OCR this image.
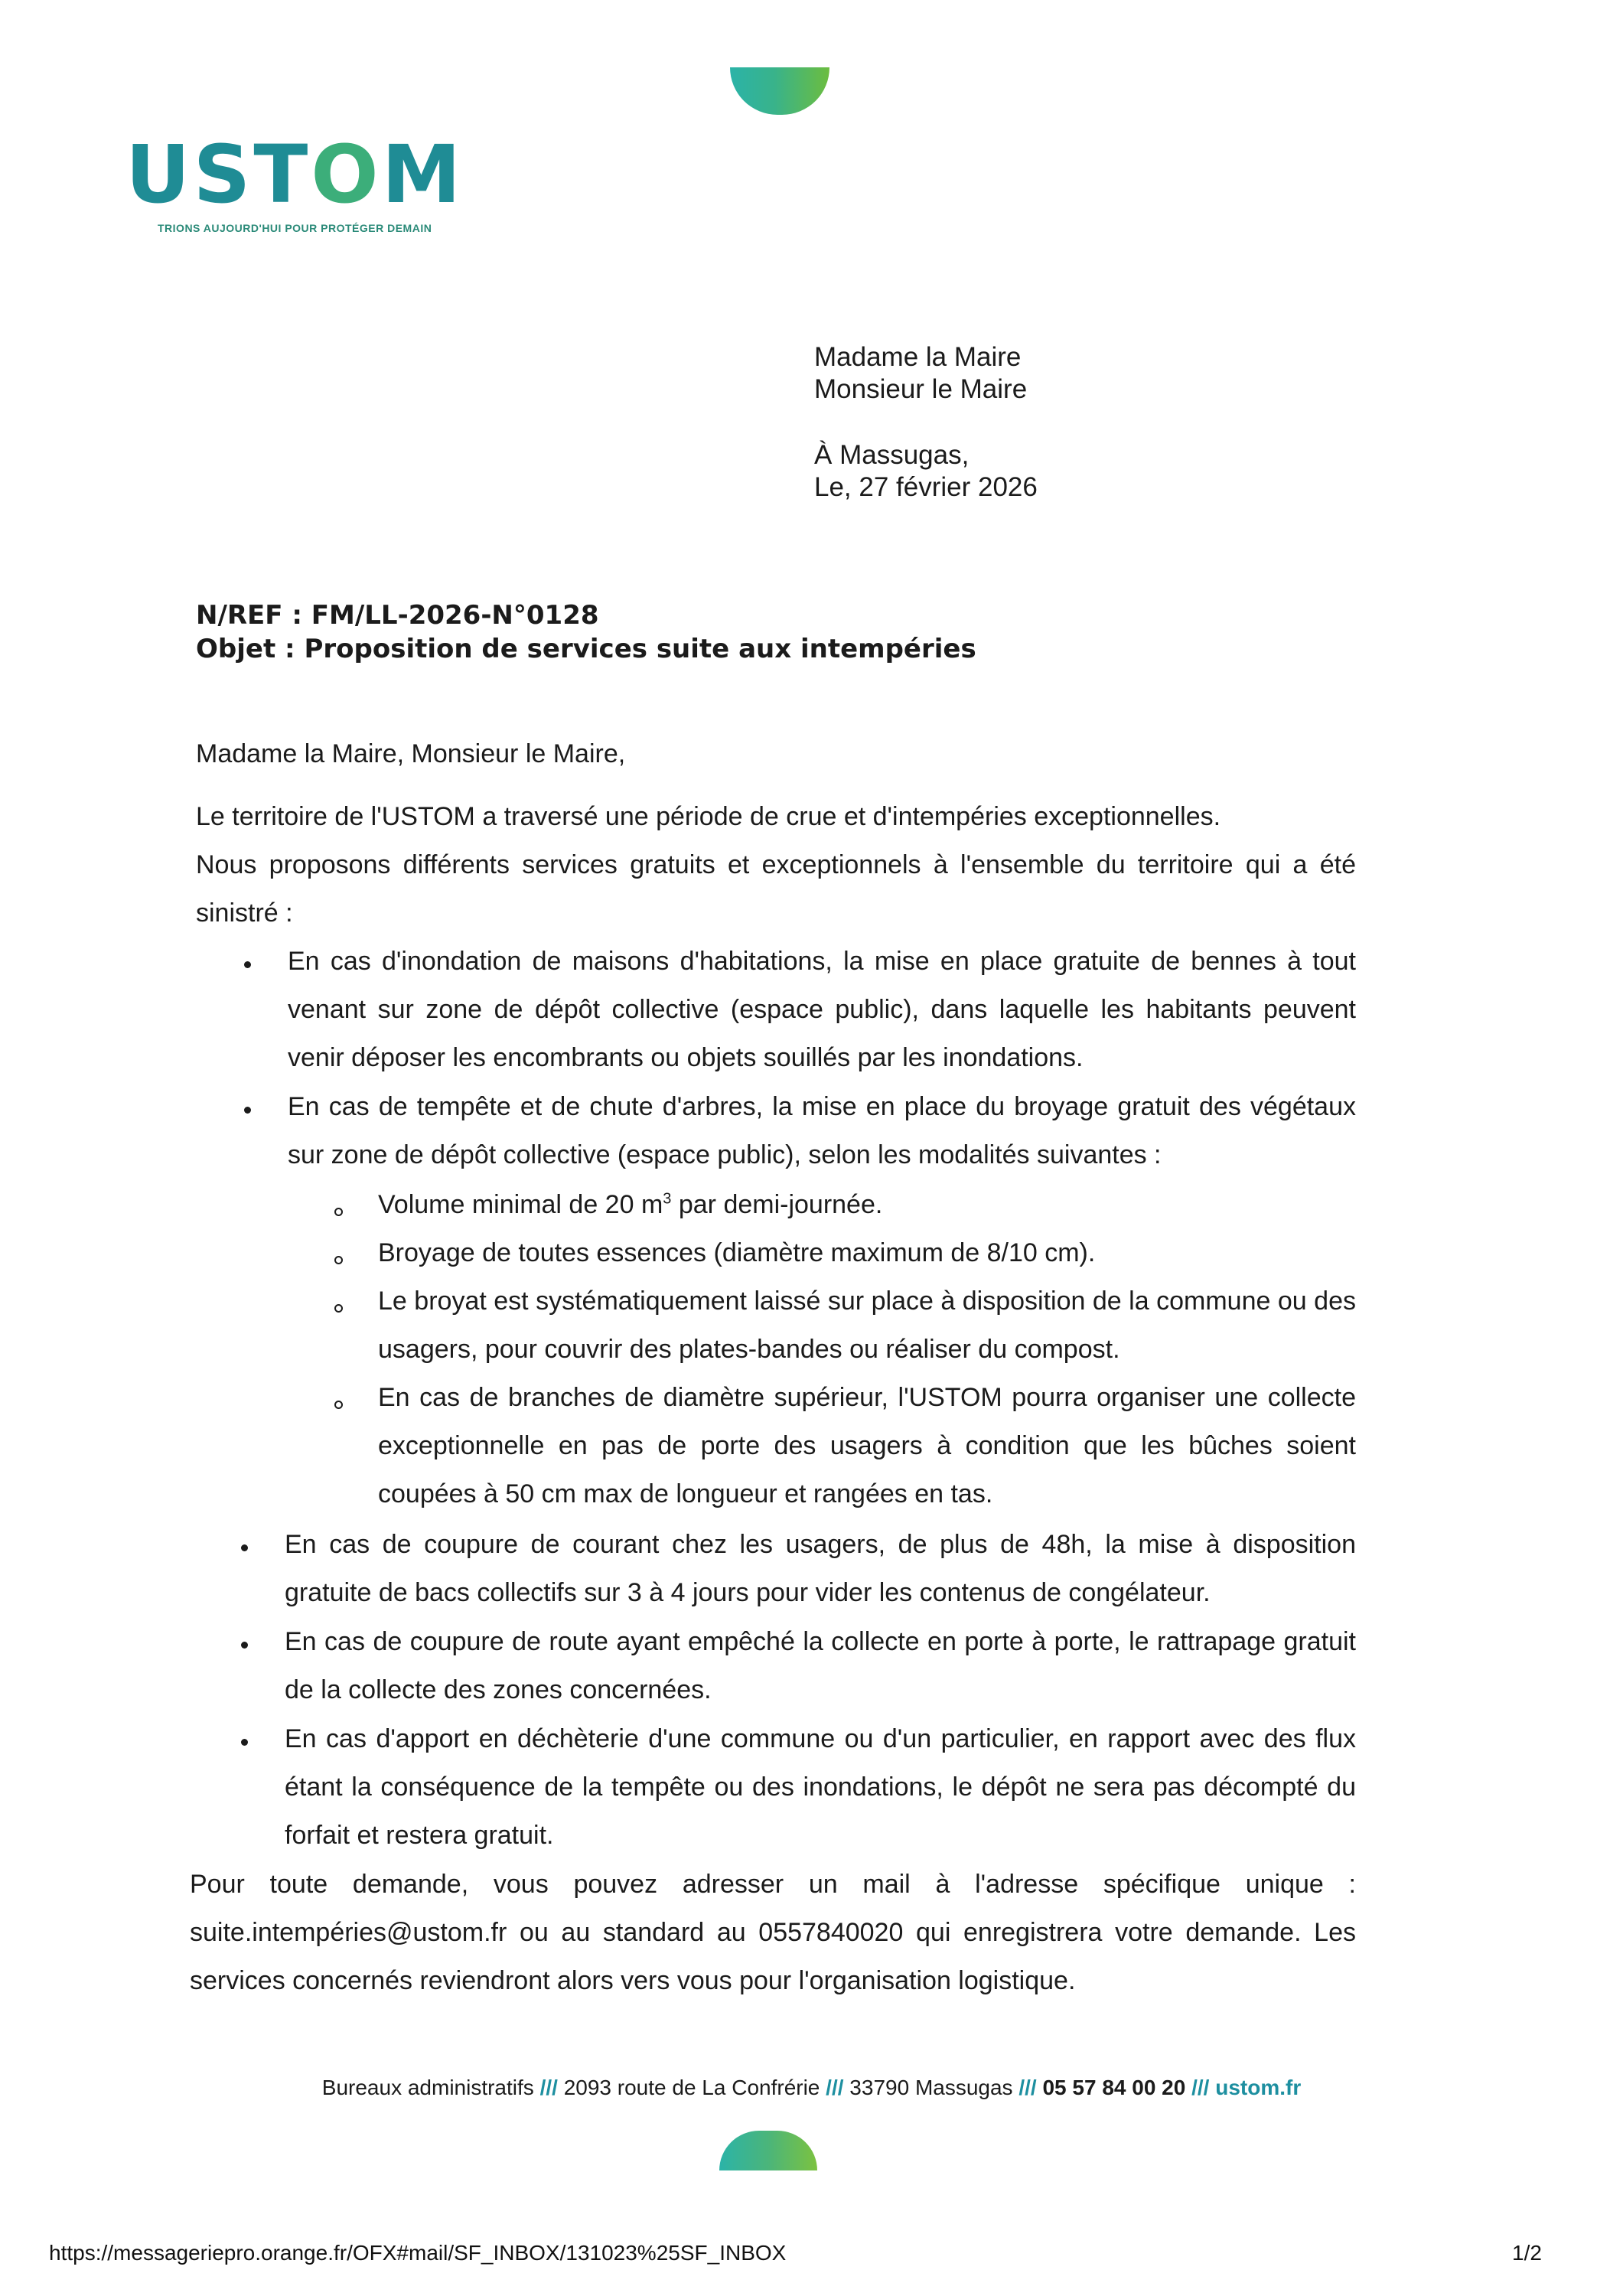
USTOM
TRIONS AUJOURD'HUI POUR PROTÉGER DEMAIN
Madame la Maire
Monsieur le Maire
À Massugas,
Le, 27 février 2026
N/REF : FM/LL-2026-N°0128
Objet : Proposition de services suite aux intempéries
Madame la Maire, Monsieur le Maire,
Le territoire de l'USTOM a traversé une période de crue et d'intempéries exceptionnelles.
Nous proposons différents services gratuits et exceptionnels à l'ensemble du territoire qui a été sinistré :
En cas d'inondation de maisons d'habitations, la mise en place gratuite de bennes à tout venant sur zone de dépôt collective (espace public), dans laquelle les habitants peuvent venir déposer les encombrants ou objets souillés par les inondations.
En cas de tempête et de chute d'arbres, la mise en place du broyage gratuit des végétaux sur zone de dépôt collective (espace public), selon les modalités suivantes :
Volume minimal de 20 $m^3$ par demi-journée.
Broyage de toutes essences (diamètre maximum de 8/10 cm).
Le broyat est systématiquement laissé sur place à disposition de la commune ou des usagers, pour couvrir des plates-bandes ou réaliser du compost.
En cas de branches de diamètre supérieur, l'USTOM pourra organiser une collecte exceptionnelle en pas de porte des usagers à condition que les bûches soient coupées à 50 cm max de longueur et rangées en tas.
En cas de coupure de courant chez les usagers, de plus de 48h, la mise à disposition gratuite de bacs collectifs sur 3 à 4 jours pour vider les contenus de congélateur.
En cas de coupure de route ayant empêché la collecte en porte à porte, le rattrapage gratuit de la collecte des zones concernées.
En cas d'apport en déchèterie d'une commune ou d'un particulier, en rapport avec des flux étant la conséquence de la tempête ou des inondations, le dépôt ne sera pas décompté du forfait et restera gratuit.
Pour toute demande, vous pouvez adresser un mail à l'adresse spécifique unique : suite.intempéries@ustom.fr ou au standard au 0557840020 qui enregistrera votre demande. Les services concernés reviendront alors vers vous pour l'organisation logistique.
Bureaux administratifs /// 2093 route de La Confrérie /// 33790 Massugas /// 05 57 84 00 20 /// ustom.fr
https://messageriepro.orange.fr/OFX#mail/SF_INBOX/131023%25SF_INBOX	1/2
